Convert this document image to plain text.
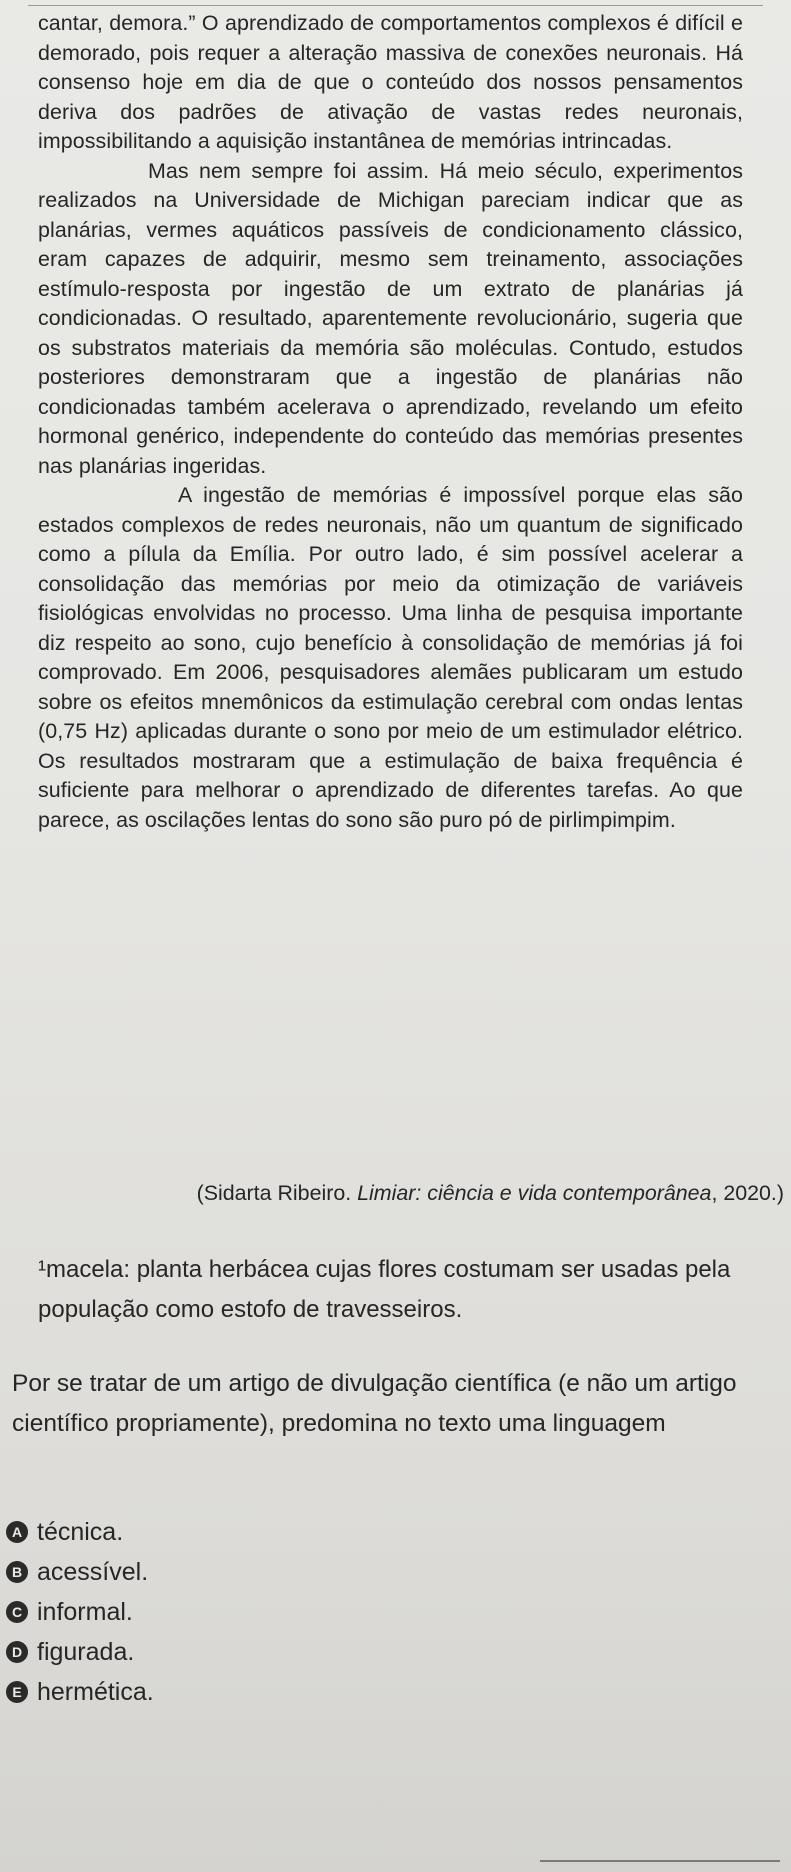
cantar, demora.” O aprendizado de comportamentos complexos é difícil e demorado, pois requer a alteração massiva de conexões neuronais. Há consenso hoje em dia de que o conteúdo dos nossos pensamentos deriva dos padrões de ativação de vastas redes neuronais, impossibilitando a aquisição instantânea de memórias intrincadas.

Mas nem sempre foi assim. Há meio século, experimentos realizados na Universidade de Michigan pareciam indicar que as planárias, vermes aquáticos passíveis de condicionamento clássico, eram capazes de adquirir, mesmo sem treinamento, associações estímulo-resposta por ingestão de um extrato de planárias já condicionadas. O resultado, aparentemente revolucionário, sugeria que os substratos materiais da memória são moléculas. Contudo, estudos posteriores demonstraram que a ingestão de planárias não condicionadas também acelerava o aprendizado, revelando um efeito hormonal genérico, independente do conteúdo das memórias presentes nas planárias ingeridas.

A ingestão de memórias é impossível porque elas são estados complexos de redes neuronais, não um quantum de significado como a pílula da Emília. Por outro lado, é sim possível acelerar a consolidação das memórias por meio da otimização de variáveis fisiológicas envolvidas no processo. Uma linha de pesquisa importante diz respeito ao sono, cujo benefício à consolidação de memórias já foi comprovado. Em 2006, pesquisadores alemães publicaram um estudo sobre os efeitos mnemônicos da estimulação cerebral com ondas lentas (0,75 Hz) aplicadas durante o sono por meio de um estimulador elétrico. Os resultados mostraram que a estimulação de baixa frequência é suficiente para melhorar o aprendizado de diferentes tarefas. Ao que parece, as oscilações lentas do sono são puro pó de pirlimpimpim.

(Sidarta Ribeiro. Limiar: ciência e vida contemporânea, 2020.)

¹macela: planta herbácea cujas flores costumam ser usadas pela população como estofo de travesseiros.

Por se tratar de um artigo de divulgação científica (e não um artigo científico propriamente), predomina no texto uma linguagem

A técnica.
B acessível.
C informal.
D figurada.
E hermética.
